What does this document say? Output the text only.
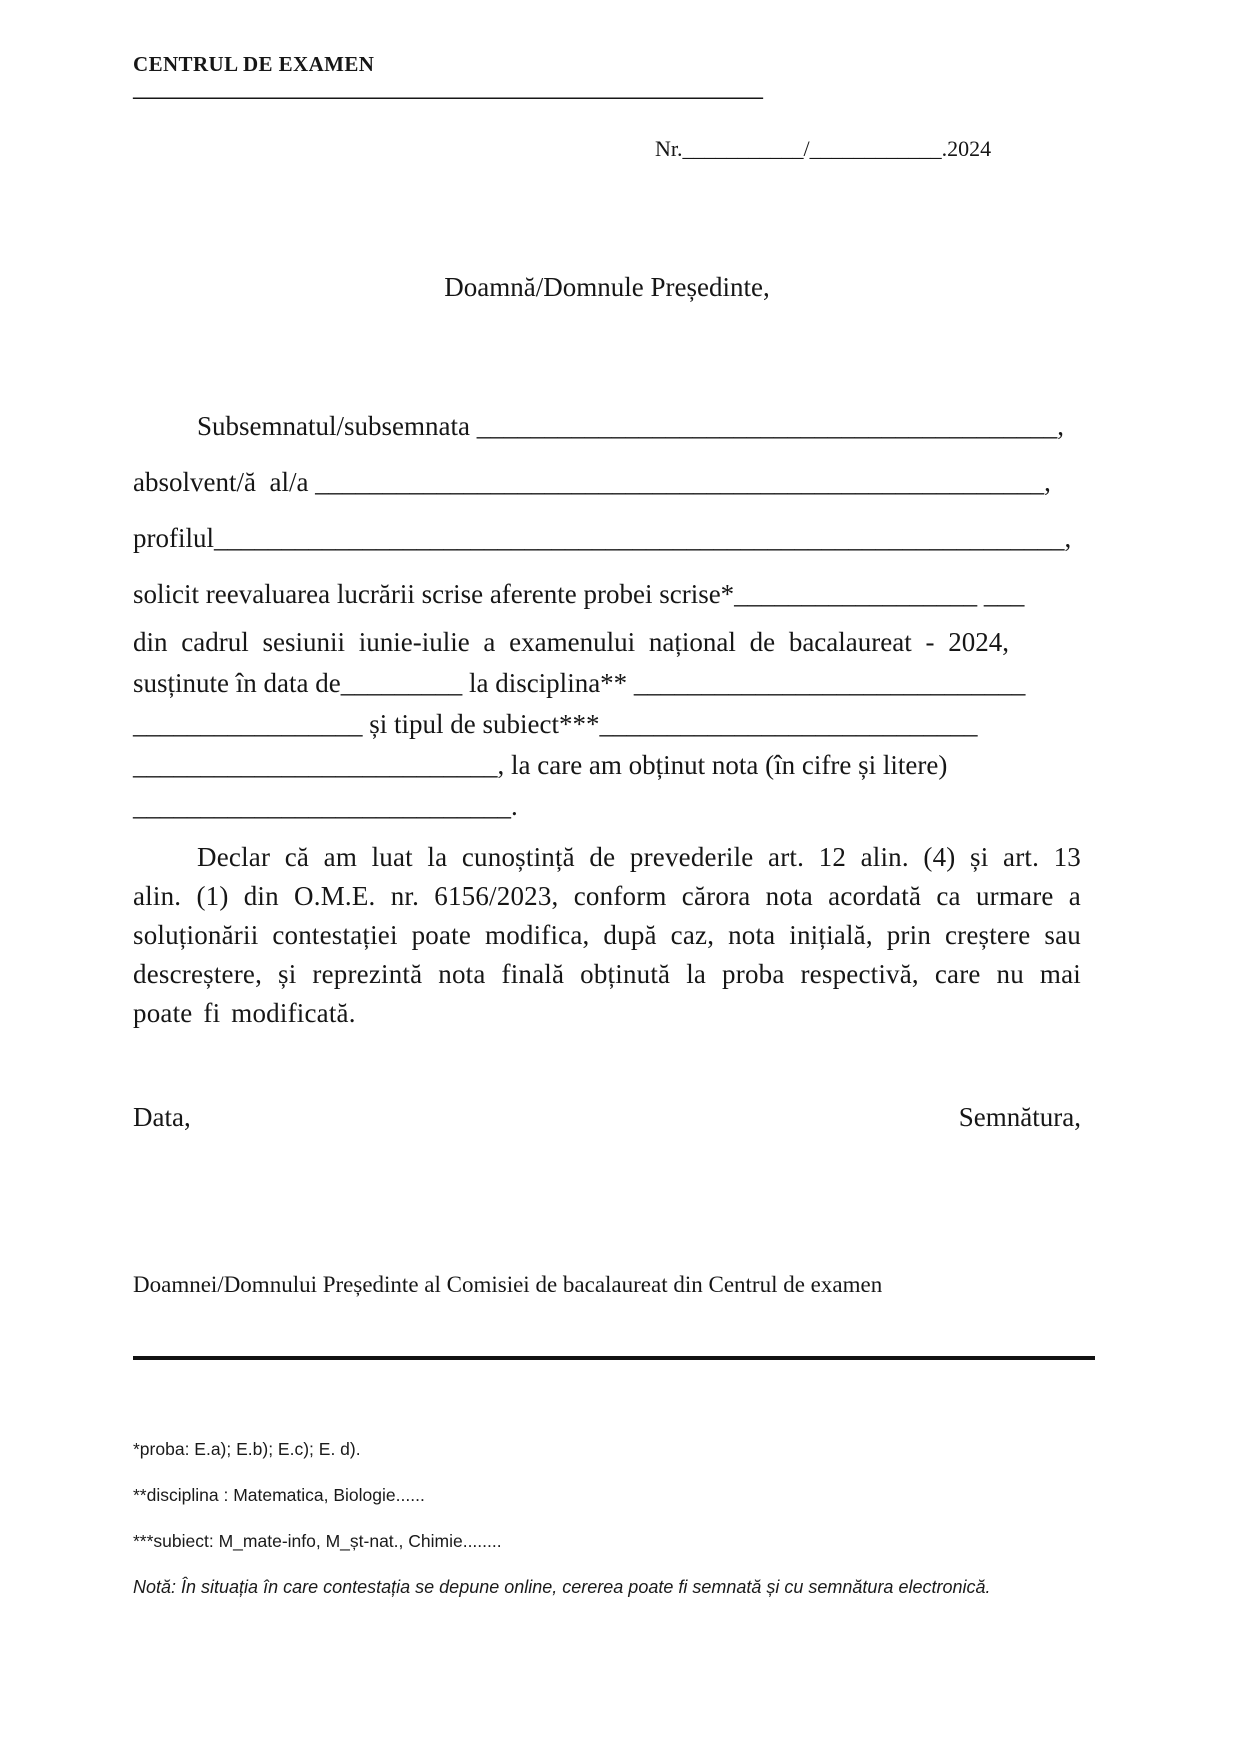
CENTRUL DE EXAMEN
____________________________________________________________
Nr.___________/____________.2024
Doamnă/Domnule Președinte,
Subsemnatul/subsemnata ___________________________________________,
absolvent/ă  al/a ______________________________________________________,
profilul_______________________________________________________________,
solicit reevaluarea lucrării scrise aferente probei scrise*__________________ ___
din cadrul sesiunii iunie-iulie a examenului național de bacalaureat - 2024,
susținute în data de_________ la disciplina** _____________________________
_________________ și tipul de subiect***____________________________
___________________________, la care am obținut nota (în cifre și litere)
____________________________.
Declar că am luat la cunoștință de prevederile art. 12 alin. (4) și art. 13 alin. (1) din O.M.E. nr. 6156/2023, conform cărora nota acordată ca urmare a soluționării contestației poate modifica, după caz, nota inițială, prin creștere sau descreștere, și reprezintă nota finală obținută la proba respectivă, care nu mai poate fi modificată.
Data,	Semnătura,
Doamnei/Domnului Președinte al Comisiei de bacalaureat din Centrul de examen
*proba: E.a); E.b); E.c); E. d).
**disciplina : Matematica, Biologie......
***subiect: M_mate-info, M_șt-nat., Chimie........
Notă: În situația în care contestația se depune online, cererea poate fi semnată și cu semnătura electronică.
